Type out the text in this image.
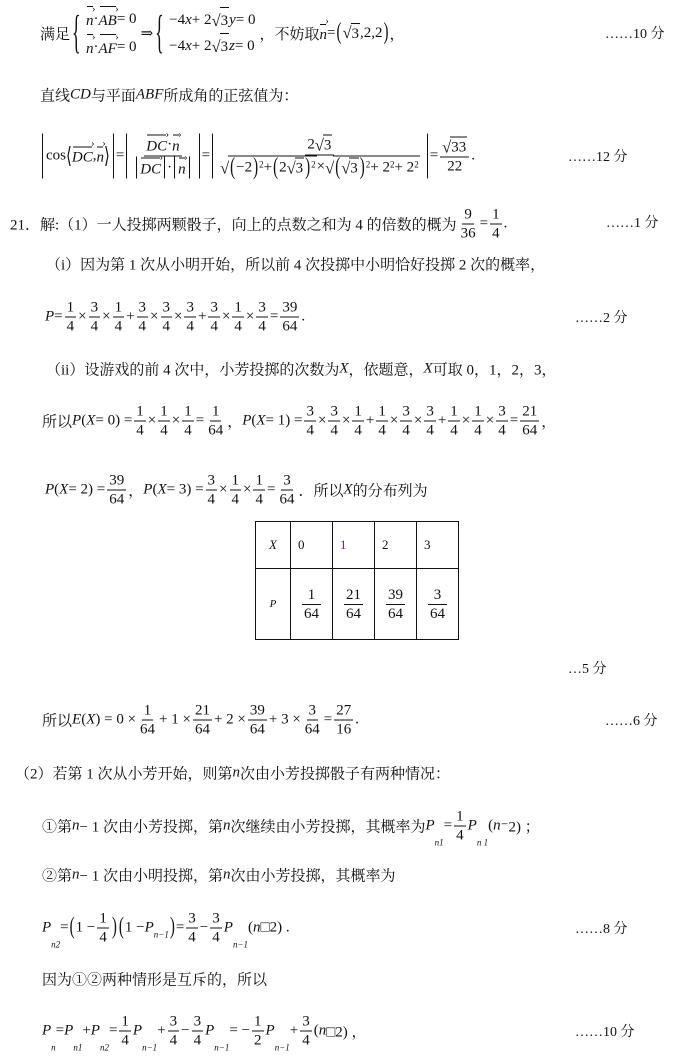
满足
{ n
› · AB
› = 0
n
› · AF
› = 0
⇒
{ −4 x + 2 √ 3 y = 0
−4 x + 2 √ 3 z = 0
，不妨取 n
› = √ ( 3 ,2,2
) ，
直线 CD 与平面 ABF 所成角的正弦值为：
cos ⟨ DC
› , n
›
⟩ = DC
› · n
›
DC
› · n
› = 2 √ 3
( √ −2
) 2 + ( 2 √ 3
) 2 × √ ( √ 3
) 2 + 2 2 + 2 2 = √ $\frac{33}{22}$ .
21．解:（1）一人投掷两颗骰子，向上的点数之和为 4 的倍数的概为 $\frac{9}{36} = \frac{1}{4}$ .
（i）因为第 1 次从小明开始，所以前 4 次投掷中小明恰好投掷 2 次的概率，
$P = \frac{1}{4} \times \frac{3}{4} \times \frac{1}{4} + \frac{3}{4} \times \frac{3}{4} \times \frac{3}{4} + \frac{3}{4} \times \frac{1}{4} \times \frac{3}{4} = \frac{39}{64}$ .
（ii）设游戏的前 4 次中，小芳投掷的次数为 X ，依题意， X 可取 0，1，2，3，
所以 P ( $X = 0) = \frac{1}{4} \times \frac{1}{4} \times \frac{1}{4} = \frac{1}{64}$ ， P ( $X = 1) = \frac{3}{4} \times \frac{3}{4} \times \frac{1}{4} + \frac{1}{4} \times \frac{3}{4} \times \frac{3}{4} + \frac{1}{4} \times \frac{1}{4} \times \frac{3}{4} = \frac{21}{64}$ ，
P ( $X = 2) = \frac{39}{64}$ ， P ( $X = 3) = \frac{3}{4} \times \frac{1}{4} \times \frac{1}{4} = \frac{3}{64}$ ．所以 X 的分布列为
所以 E ( X ) = $0 \times \frac{1}{64} + 1 \times \frac{21}{64} + 2 \times \frac{39}{64} + 3 \times \frac{3}{64} = \frac{27}{16}$ .
（2）若第 1 次从小芳开始，则第 n 次由小芳投掷骰子有两种情况：
①第 n − 1 次由小芳投掷，第 n 次继续由小芳投掷，其概率为 P
n 1
= $\frac{1}{4}$ P
n 1
( n ⁻2) ；
②第 n − 1 次由小明投掷，第 n 次由小芳投掷，其概率为
P
n 2
= ( $1 - \frac{1}{4}$
) ( 1 − P n−1
) = $\frac{3}{4} - \frac{3}{4}$ P
n−1
( n □2) .
因为①②两种情形是互斥的，所以
P
n
= P
n 1
+ P
n 2
= $\frac{1}{4}$ P
n−1
+ $\frac{3}{4} - \frac{3}{4}$ P
n−1
= − $\frac{1}{2}$ P
n−1
+ $\frac{3}{4}$ ( n □2) ，
……10 分
……12 分
……1 分
……2 分
…5 分
……6 分
……8 分
……10 分
X	0	1	2	3
P	$\frac{1}{64}$	$\frac{21}{64}$	$\frac{39}{64}$	$\frac{3}{64}$
